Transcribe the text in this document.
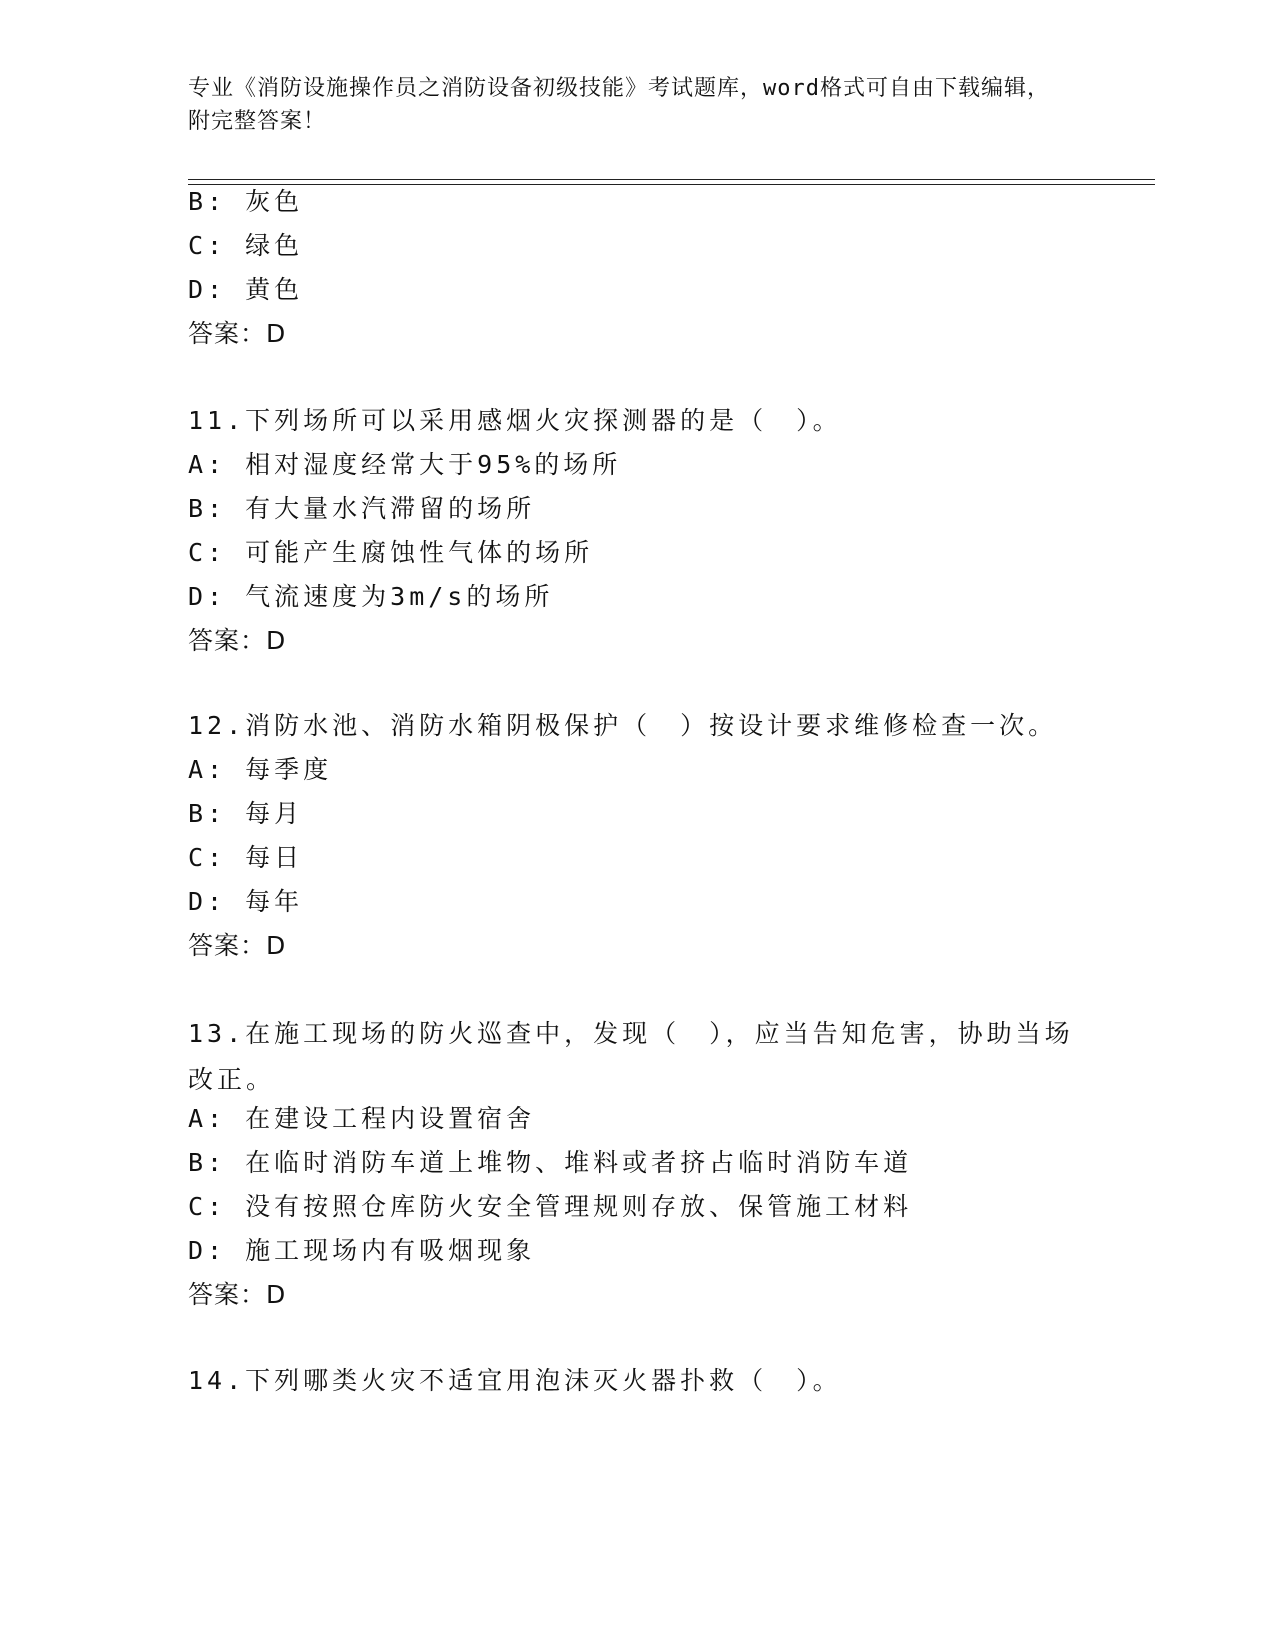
专业《消防设施操作员之消防设备初级技能》考试题库，word格式可自由下载编辑，附完整答案！
B: 灰色
C: 绿色
D: 黄色
答案：D
11.下列场所可以采用感烟火灾探测器的是（　）。
A: 相对湿度经常大于95%的场所
B: 有大量水汽滞留的场所
C: 可能产生腐蚀性气体的场所
D: 气流速度为3m/s的场所
答案：D
12.消防水池、消防水箱阴极保护（　）按设计要求维修检查一次。
A: 每季度
B: 每月
C: 每日
D: 每年
答案：D
13.在施工现场的防火巡查中，发现（　），应当告知危害，协助当场改正。
A: 在建设工程内设置宿舍
B: 在临时消防车道上堆物、堆料或者挤占临时消防车道
C: 没有按照仓库防火安全管理规则存放、保管施工材料
D: 施工现场内有吸烟现象
答案：D
14.下列哪类火灾不适宜用泡沫灭火器扑救（　）。
